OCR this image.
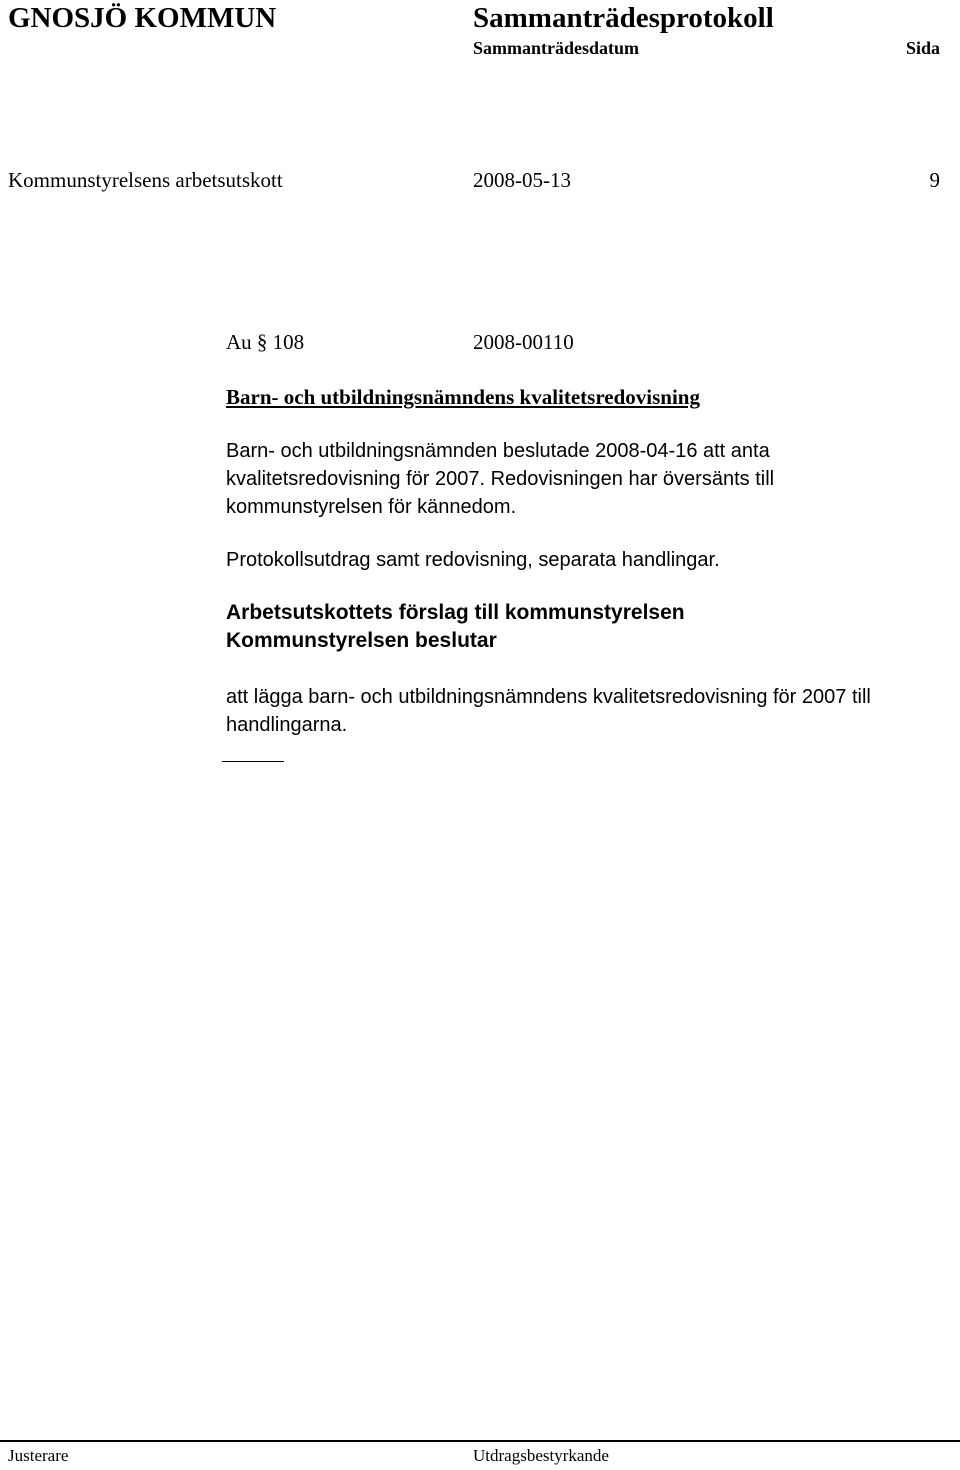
GNOSJÖ KOMMUN	Sammanträdesprotokoll
Sammanträdesdatum	Sida
Kommunstyrelsens arbetsutskott	2008-05-13	9
Au § 108	2008-00110
Barn- och utbildningsnämndens kvalitetsredovisning

Barn- och utbildningsnämnden beslutade 2008-04-16 att anta kvalitetsredovisning för 2007. Redovisningen har översänts till kommunstyrelsen för kännedom.

Protokollsutdrag samt redovisning, separata handlingar.

Arbetsutskottets förslag till kommunstyrelsen
Kommunstyrelsen beslutar

att lägga barn- och utbildningsnämndens kvalitetsredovisning för 2007 till handlingarna.

Justerare	Utdragsbestyrkande
